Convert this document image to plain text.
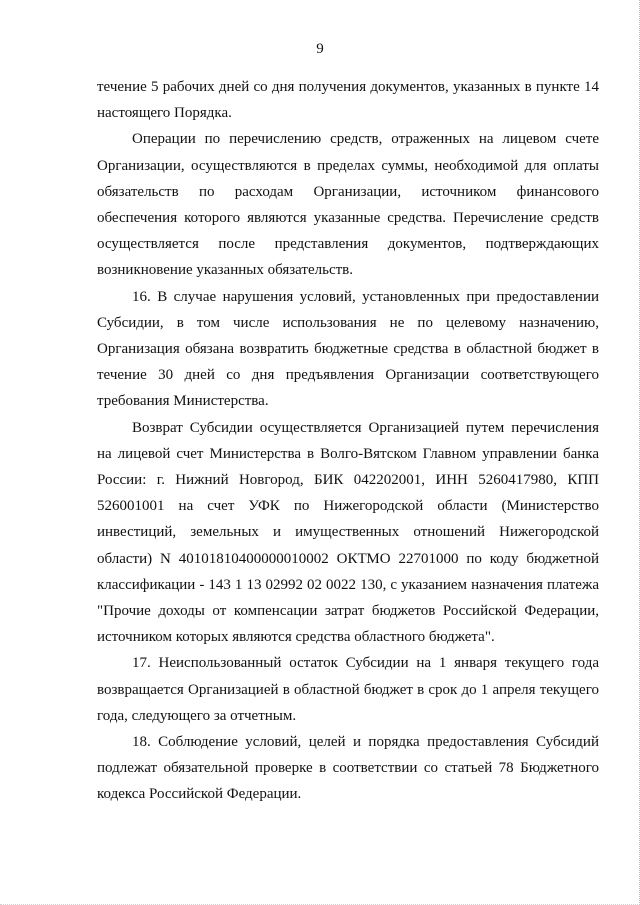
9

течение 5 рабочих дней со дня получения документов, указанных в пункте 14 настоящего Порядка.

Операции по перечислению средств, отраженных на лицевом счете Организации, осуществляются в пределах суммы, необходимой для оплаты обязательств по расходам Организации, источником финансового обеспечения которого являются указанные средства. Перечисление средств осуществляется после представления документов, подтверждающих возникновение указанных обязательств.

16. В случае нарушения условий, установленных при предоставлении Субсидии, в том числе использования не по целевому назначению, Организация обязана возвратить бюджетные средства в областной бюджет в течение 30 дней со дня предъявления Организации соответствующего требования Министерства.

Возврат Субсидии осуществляется Организацией путем перечисления на лицевой счет Министерства в Волго-Вятском Главном управлении банка России: г. Нижний Новгород, БИК 042202001, ИНН 5260417980, КПП 526001001 на счет УФК по Нижегородской области (Министерство инвестиций, земельных и имущественных отношений Нижегородской области) N 40101810400000010002 ОКТМО 22701000 по коду бюджетной классификации - 143 1 13 02992 02 0022 130, с указанием назначения платежа "Прочие доходы от компенсации затрат бюджетов Российской Федерации, источником которых являются средства областного бюджета".

17. Неиспользованный остаток Субсидии на 1 января текущего года возвращается Организацией в областной бюджет в срок до 1 апреля текущего года, следующего за отчетным.

18. Соблюдение условий, целей и порядка предоставления Субсидий подлежат обязательной проверке в соответствии со статьей 78 Бюджетного кодекса Российской Федерации.
